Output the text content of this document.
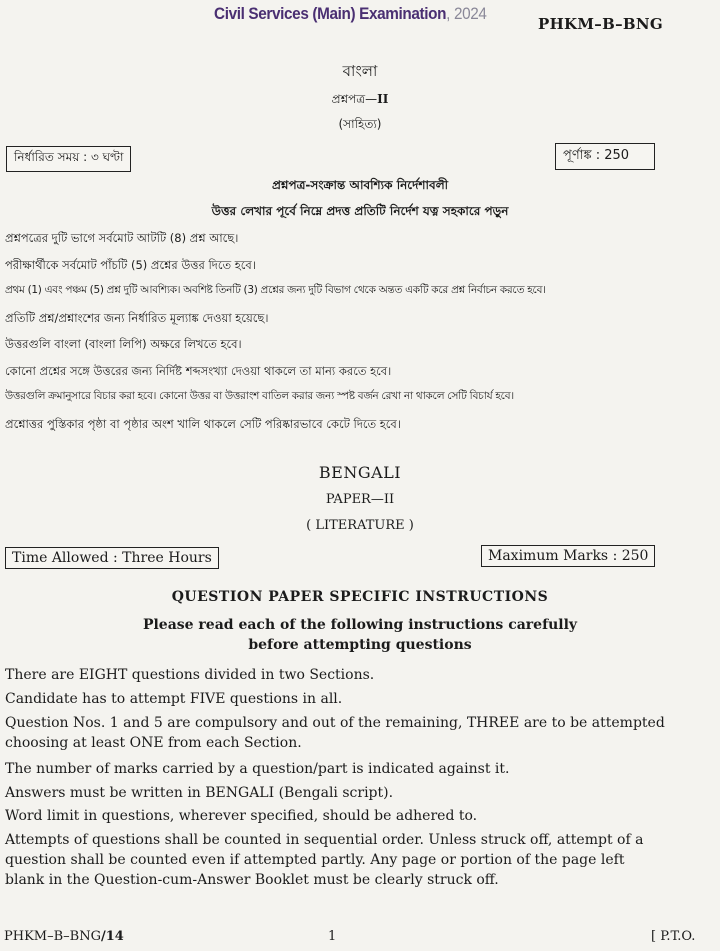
Civil Services (Main) Examination, 2024
PHKM–B–BNG
বাংলা
প্রশ্নপত্র—II
(সাহিত্য)
নির্ধারিত সময় : ৩ ঘণ্টা	পূর্ণাঙ্ক : 250
প্রশ্নপত্র-সংক্রান্ত আবশ্যিক নির্দেশাবলী
উত্তর লেখার পূর্বে নিম্নে প্রদত্ত প্রতিটি নির্দেশ যত্ন সহকারে পড়ুন
প্রশ্নপত্রের দুটি ভাগে সর্বমোট আটটি (8) প্রশ্ন আছে।
পরীক্ষার্থীকে সর্বমোট পাঁচটি (5) প্রশ্নের উত্তর দিতে হবে।
প্রথম (1) এবং পঞ্চম (5) প্রশ্ন দুটি আবশ্যিক। অবশিষ্ট তিনটি (3) প্রশ্নের জন্য দুটি বিভাগ থেকে অন্তত একটি করে প্রশ্ন নির্বাচন করতে হবে।
প্রতিটি প্রশ্ন/প্রশ্নাংশের জন্য নির্ধারিত মূল্যাঙ্ক দেওয়া হয়েছে।
উত্তরগুলি বাংলা (বাংলা লিপি) অক্ষরে লিখতে হবে।
কোনো প্রশ্নের সঙ্গে উত্তরের জন্য নির্দিষ্ট শব্দসংখ্যা দেওয়া থাকলে তা মান্য করতে হবে।
উত্তরগুলি ক্রমানুসারে বিচার করা হবে। কোনো উত্তর বা উত্তরাংশ বাতিল করার জন্য স্পষ্ট বর্জন রেখা না থাকলে সেটি বিচার্য হবে।
প্রশ্নোত্তর পুস্তিকার পৃষ্ঠা বা পৃষ্ঠার অংশ খালি থাকলে সেটি পরিষ্কারভাবে কেটে দিতে হবে।
BENGALI
PAPER—II
( LITERATURE )
Time Allowed : Three Hours	Maximum Marks : 250
QUESTION PAPER SPECIFIC INSTRUCTIONS
Please read each of the following instructions carefully
before attempting questions
There are EIGHT questions divided in two Sections.
Candidate has to attempt FIVE questions in all.
Question Nos. 1 and 5 are compulsory and out of the remaining, THREE are to be attempted choosing at least ONE from each Section.
The number of marks carried by a question/part is indicated against it.
Answers must be written in BENGALI (Bengali script).
Word limit in questions, wherever specified, should be adhered to.
Attempts of questions shall be counted in sequential order. Unless struck off, attempt of a question shall be counted even if attempted partly. Any page or portion of the page left blank in the Question-cum-Answer Booklet must be clearly struck off.
PHKM–B–BNG/14	1	[ P.T.O.
